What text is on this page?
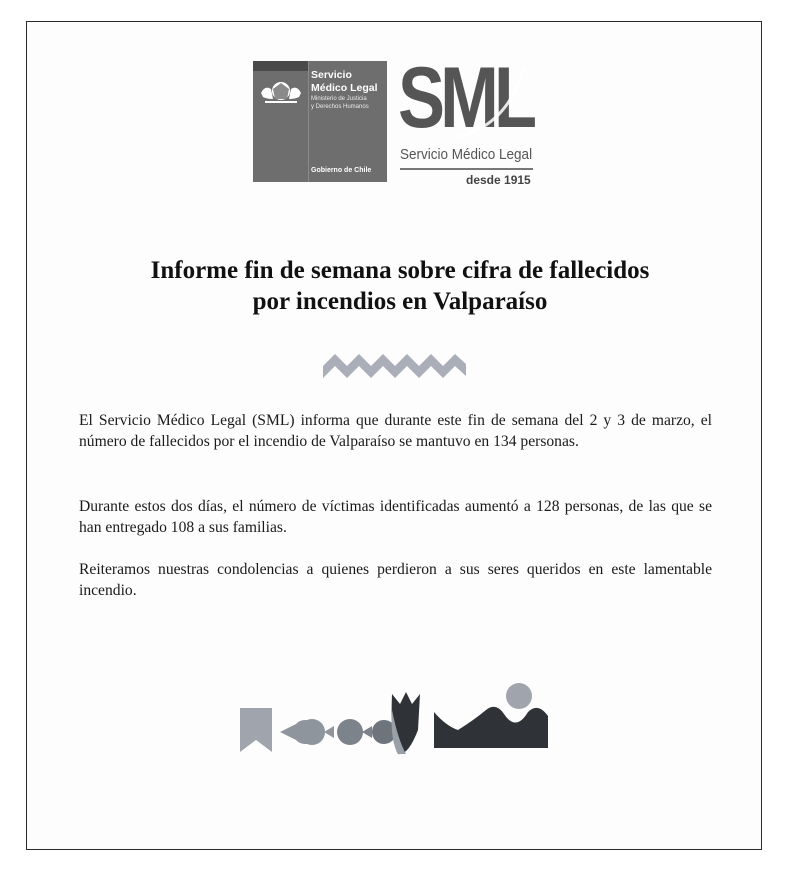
Servicio
Médico Legal
Ministerio de Justicia
y Derechos Humanos
Gobierno de Chile
SML
Servicio Médico Legal
desde 1915
Informe fin de semana sobre cifra de fallecidos
por incendios en Valparaíso

El Servicio Médico Legal (SML) informa que durante este fin de semana del 2 y 3 de marzo, el número de fallecidos por el incendio de Valparaíso se mantuvo en 134 personas.

Durante estos dos días, el número de víctimas identificadas aumentó a 128 personas, de las que se han entregado 108 a sus familias.

Reiteramos nuestras condolencias a quienes perdieron a sus seres queridos en este lamentable incendio.
